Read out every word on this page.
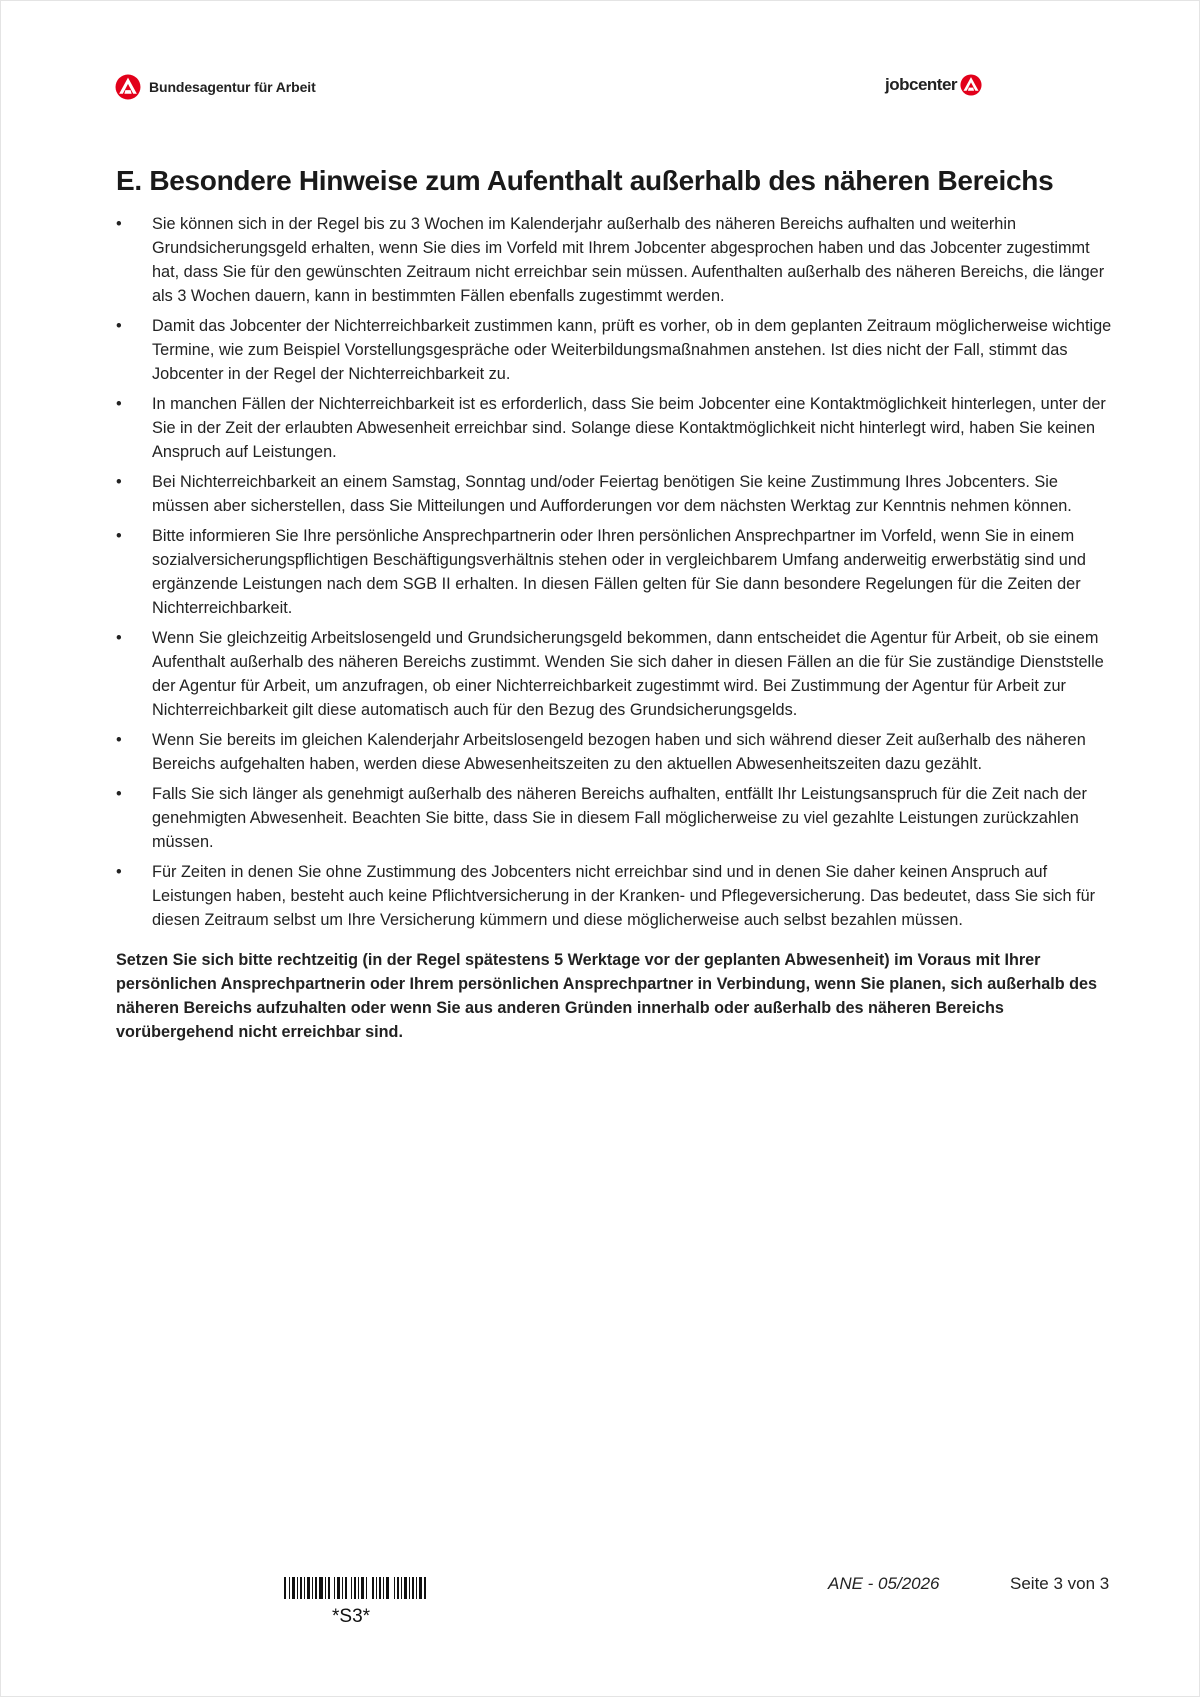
Bundesagentur für Arbeit	jobcenter
E. Besondere Hinweise zum Aufenthalt außerhalb des näheren Bereichs
•	Sie können sich in der Regel bis zu 3 Wochen im Kalenderjahr außerhalb des näheren Bereichs aufhalten und weiterhin Grundsicherungsgeld erhalten, wenn Sie dies im Vorfeld mit Ihrem Jobcenter abgesprochen haben und das Jobcenter zugestimmt hat, dass Sie für den gewünschten Zeitraum nicht erreichbar sein müssen. Aufenthalten außerhalb des näheren Bereichs, die länger als 3 Wochen dauern, kann in bestimmten Fällen ebenfalls zugestimmt werden.
•	Damit das Jobcenter der Nichterreichbarkeit zustimmen kann, prüft es vorher, ob in dem geplanten Zeitraum möglicherweise wichtige Termine, wie zum Beispiel Vorstellungsgespräche oder Weiterbildungsmaßnahmen anstehen. Ist dies nicht der Fall, stimmt das Jobcenter in der Regel der Nichterreichbarkeit zu.
•	In manchen Fällen der Nichterreichbarkeit ist es erforderlich, dass Sie beim Jobcenter eine Kontaktmöglichkeit hinterlegen, unter der Sie in der Zeit der erlaubten Abwesenheit erreichbar sind. Solange diese Kontaktmöglichkeit nicht hinterlegt wird, haben Sie keinen Anspruch auf Leistungen.
•	Bei Nichterreichbarkeit an einem Samstag, Sonntag und/oder Feiertag benötigen Sie keine Zustimmung Ihres Jobcenters. Sie müssen aber sicherstellen, dass Sie Mitteilungen und Aufforderungen vor dem nächsten Werktag zur Kenntnis nehmen können.
•	Bitte informieren Sie Ihre persönliche Ansprechpartnerin oder Ihren persönlichen Ansprechpartner im Vorfeld, wenn Sie in einem sozialversicherungspflichtigen Beschäftigungsverhältnis stehen oder in vergleichbarem Umfang anderweitig erwerbstätig sind und ergänzende Leistungen nach dem SGB II erhalten. In diesen Fällen gelten für Sie dann besondere Regelungen für die Zeiten der Nichterreichbarkeit.
•	Wenn Sie gleichzeitig Arbeitslosengeld und Grundsicherungsgeld bekommen, dann entscheidet die Agentur für Arbeit, ob sie einem Aufenthalt außerhalb des näheren Bereichs zustimmt. Wenden Sie sich daher in diesen Fällen an die für Sie zuständige Dienststelle der Agentur für Arbeit, um anzufragen, ob einer Nichterreichbarkeit zugestimmt wird. Bei Zustimmung der Agentur für Arbeit zur Nichterreichbarkeit gilt diese automatisch auch für den Bezug des Grundsicherungsgelds.
•	Wenn Sie bereits im gleichen Kalenderjahr Arbeitslosengeld bezogen haben und sich während dieser Zeit außerhalb des näheren Bereichs aufgehalten haben, werden diese Abwesenheitszeiten zu den aktuellen Abwesenheitszeiten dazu gezählt.
•	Falls Sie sich länger als genehmigt außerhalb des näheren Bereichs aufhalten, entfällt Ihr Leistungsanspruch für die Zeit nach der genehmigten Abwesenheit. Beachten Sie bitte, dass Sie in diesem Fall möglicherweise zu viel gezahlte Leistungen zurückzahlen müssen.
•	Für Zeiten in denen Sie ohne Zustimmung des Jobcenters nicht erreichbar sind und in denen Sie daher keinen Anspruch auf Leistungen haben, besteht auch keine Pflichtversicherung in der Kranken- und Pflegeversicherung. Das bedeutet, dass Sie sich für diesen Zeitraum selbst um Ihre Versicherung kümmern und diese möglicherweise auch selbst bezahlen müssen.

Setzen Sie sich bitte rechtzeitig (in der Regel spätestens 5 Werktage vor der geplanten Abwesenheit) im Voraus mit Ihrer persönlichen Ansprechpartnerin oder Ihrem persönlichen Ansprechpartner in Verbindung, wenn Sie planen, sich außerhalb des näheren Bereichs aufzuhalten oder wenn Sie aus anderen Gründen innerhalb oder außerhalb des näheren Bereichs vorübergehend nicht erreichbar sind.

*S3*
ANE - 05/2026	Seite 3 von 3
